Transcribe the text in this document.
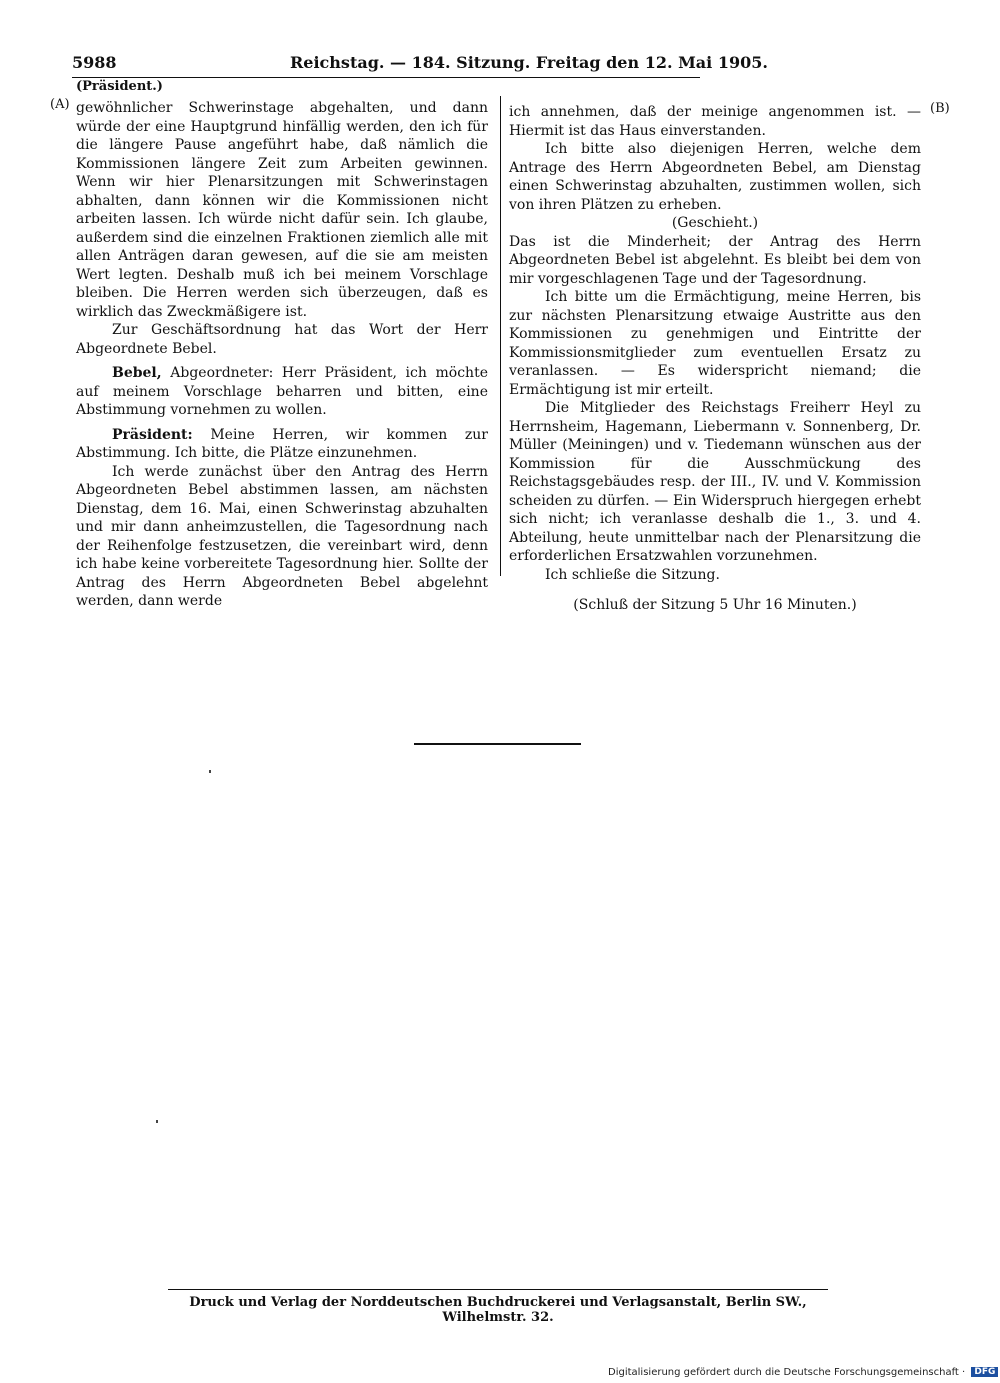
5988	Reichstag. — 184. Sitzung. Freitag den 12. Mai 1905.
(Präsident.)
(A)	(B)

gewöhnlicher Schwerinstage abgehalten, und dann würde der eine Hauptgrund hinfällig werden, den ich für die längere Pause angeführt habe, daß nämlich die Kommissionen längere Zeit zum Arbeiten gewinnen. Wenn wir hier Plenarsitzungen mit Schwerinstagen abhalten, dann können wir die Kommissionen nicht arbeiten lassen. Ich würde nicht dafür sein. Ich glaube, außerdem sind die einzelnen Fraktionen ziemlich alle mit allen Anträgen daran gewesen, auf die sie am meisten Wert legten. Deshalb muß ich bei meinem Vorschlage bleiben. Die Herren werden sich überzeugen, daß es wirklich das Zweckmäßigere ist.

Zur Geschäftsordnung hat das Wort der Herr Abgeordnete Bebel.

Bebel, Abgeordneter: Herr Präsident, ich möchte auf meinem Vorschlage beharren und bitten, eine Abstimmung vornehmen zu wollen.

Präsident: Meine Herren, wir kommen zur Abstimmung. Ich bitte, die Plätze einzunehmen.

Ich werde zunächst über den Antrag des Herrn Abgeordneten Bebel abstimmen lassen, am nächsten Dienstag, dem 16. Mai, einen Schwerinstag abzuhalten und mir dann anheimzustellen, die Tagesordnung nach der Reihenfolge festzusetzen, die vereinbart wird, denn ich habe keine vorbereitete Tagesordnung hier. Sollte der Antrag des Herrn Abgeordneten Bebel abgelehnt werden, dann werde

ich annehmen, daß der meinige angenommen ist. — Hiermit ist das Haus einverstanden.

Ich bitte also diejenigen Herren, welche dem Antrage des Herrn Abgeordneten Bebel, am Dienstag einen Schwerinstag abzuhalten, zustimmen wollen, sich von ihren Plätzen zu erheben.

(Geschieht.)

Das ist die Minderheit; der Antrag des Herrn Abgeordneten Bebel ist abgelehnt. Es bleibt bei dem von mir vorgeschlagenen Tage und der Tagesordnung.

Ich bitte um die Ermächtigung, meine Herren, bis zur nächsten Plenarsitzung etwaige Austritte aus den Kommissionen zu genehmigen und Eintritte der Kommissionsmitglieder zum eventuellen Ersatz zu veranlassen. — Es widerspricht niemand; die Ermächtigung ist mir erteilt.

Die Mitglieder des Reichstags Freiherr Heyl zu Herrnsheim, Hagemann, Liebermann v. Sonnenberg, Dr. Müller (Meiningen) und v. Tiedemann wünschen aus der Kommission für die Ausschmückung des Reichstagsgebäudes resp. der III., IV. und V. Kommission scheiden zu dürfen. — Ein Widerspruch hiergegen erhebt sich nicht; ich veranlasse deshalb die 1., 3. und 4. Abteilung, heute unmittelbar nach der Plenarsitzung die erforderlichen Ersatzwahlen vorzunehmen.

Ich schließe die Sitzung.

(Schluß der Sitzung 5 Uhr 16 Minuten.)

Druck und Verlag der Norddeutschen Buchdruckerei und Verlagsanstalt, Berlin SW., Wilhelmstr. 32.
Digitalisierung gefördert durch die Deutsche Forschungsgemeinschaft · DFG
